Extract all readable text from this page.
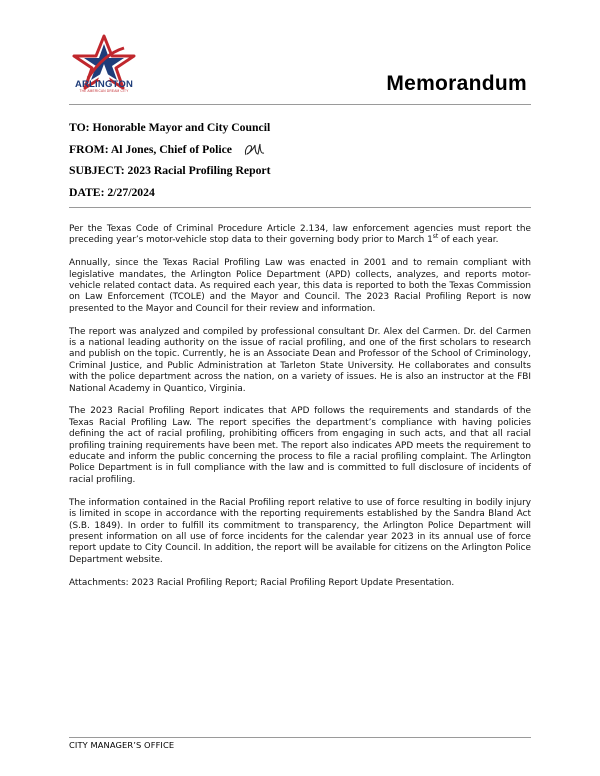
ARLINGTON
THE AMERICAN DREAM CITY	Memorandum
TO: Honorable Mayor and City Council
FROM: Al Jones, Chief of Police
SUBJECT: 2023 Racial Profiling Report
DATE: 2/27/2024

Per the Texas Code of Criminal Procedure Article 2.134, law enforcement agencies must report the preceding year’s motor-vehicle stop data to their governing body prior to March 1st of each year.

Annually, since the Texas Racial Profiling Law was enacted in 2001 and to remain compliant with legislative mandates, the Arlington Police Department (APD) collects, analyzes, and reports motor-vehicle related contact data. As required each year, this data is reported to both the Texas Commission on Law Enforcement (TCOLE) and the Mayor and Council. The 2023 Racial Profiling Report is now presented to the Mayor and Council for their review and information.

The report was analyzed and compiled by professional consultant Dr. Alex del Carmen. Dr. del Carmen is a national leading authority on the issue of racial profiling, and one of the first scholars to research and publish on the topic. Currently, he is an Associate Dean and Professor of the School of Criminology, Criminal Justice, and Public Administration at Tarleton State University. He collaborates and consults with the police department across the nation, on a variety of issues. He is also an instructor at the FBI National Academy in Quantico, Virginia.

The 2023 Racial Profiling Report indicates that APD follows the requirements and standards of the Texas Racial Profiling Law. The report specifies the department’s compliance with having policies defining the act of racial profiling, prohibiting officers from engaging in such acts, and that all racial profiling training requirements have been met. The report also indicates APD meets the requirement to educate and inform the public concerning the process to file a racial profiling complaint. The Arlington Police Department is in full compliance with the law and is committed to full disclosure of incidents of racial profiling.

The information contained in the Racial Profiling report relative to use of force resulting in bodily injury is limited in scope in accordance with the reporting requirements established by the Sandra Bland Act (S.B. 1849). In order to fulfill its commitment to transparency, the Arlington Police Department will present information on all use of force incidents for the calendar year 2023 in its annual use of force report update to City Council. In addition, the report will be available for citizens on the Arlington Police Department website.

Attachments: 2023 Racial Profiling Report; Racial Profiling Report Update Presentation.

CITY MANAGER’S OFFICE
